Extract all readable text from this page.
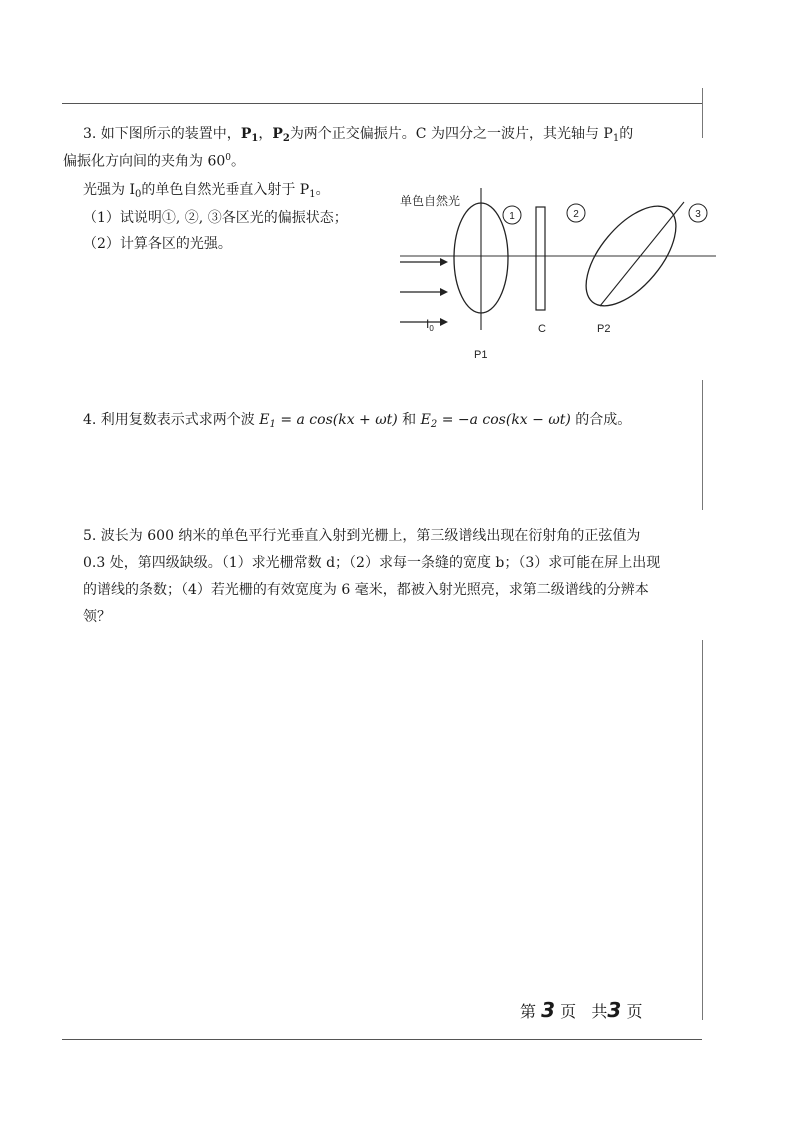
3. 如下图所示的装置中，$P_1$，$P_2$为两个正交偏振片。C 为四分之一波片，其光轴与 $P_1$的
偏振化方向间的夹角为 $60^0$。
光强为 $I_0$的单色自然光垂直入射于 $P_1$。
（1）试说明①, ②, ③各区光的偏振状态；
（2）计算各区的光强。
单色自然光
1	2	3
$I_0$	C	P2
P1
4. 利用复数表示式求两个波 $E_1 = a$ cos(kx + ωt) 和 $E_2 = -a$ cos(kx − ωt) 的合成。
5. 波长为 600 纳米的单色平行光垂直入射到光栅上，第三级谱线出现在衍射角的正弦值为
0.3 处，第四级缺级。（1）求光栅常数 d；（2）求每一条缝的宽度 b；（3）求可能在屏上出现
的谱线的条数；（4）若光栅的有效宽度为 6 毫米，都被入射光照亮，求第二级谱线的分辨本
领？
第 3 页 共3 页
